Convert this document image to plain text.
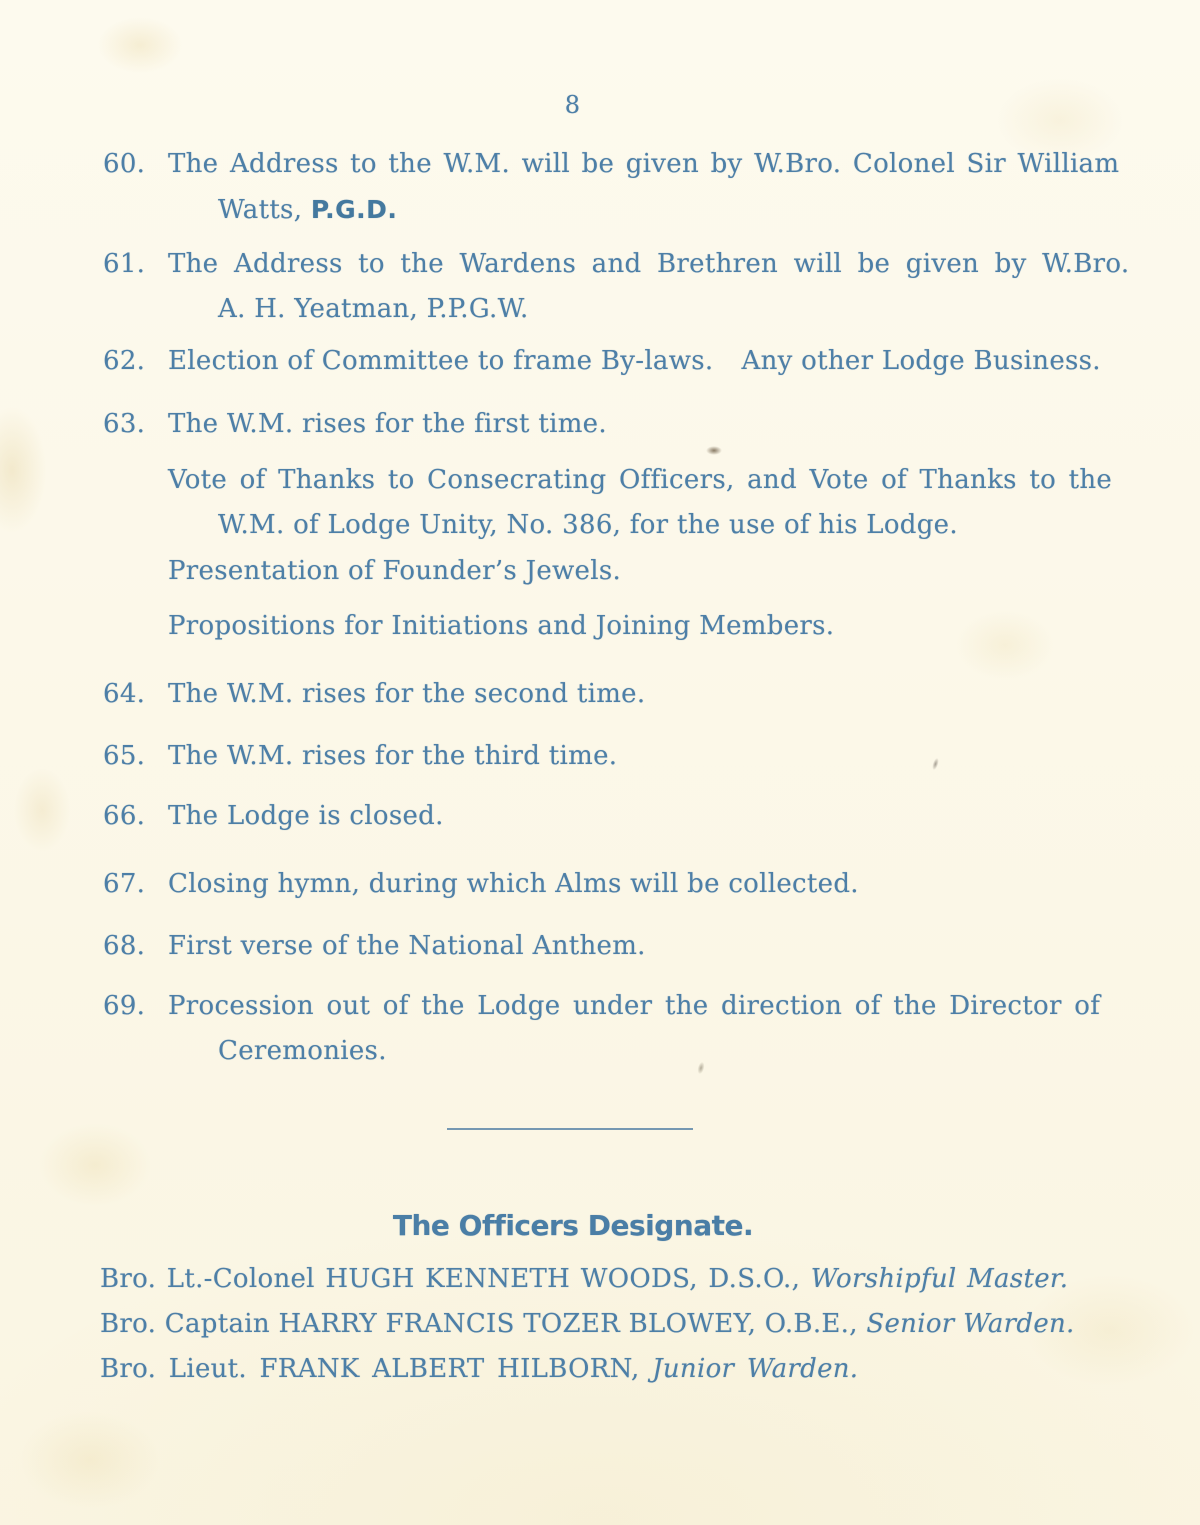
8
60. The Address to the W.M. will be given by W.Bro. Colonel Sir William
Watts, P.G.D.
61. The Address to the Wardens and Brethren will be given by W.Bro.
A. H. Yeatman, P.P.G.W.
62. Election of Committee to frame By-laws. Any other Lodge Business.
63. The W.M. rises for the first time.
Vote of Thanks to Consecrating Officers, and Vote of Thanks to the
W.M. of Lodge Unity, No. 386, for the use of his Lodge.
Presentation of Founder’s Jewels.
Propositions for Initiations and Joining Members.
64. The W.M. rises for the second time.
65. The W.M. rises for the third time.
66. The Lodge is closed.
67. Closing hymn, during which Alms will be collected.
68. First verse of the National Anthem.
69. Procession out of the Lodge under the direction of the Director of
Ceremonies.
The Officers Designate.
Bro. Lt.-Colonel HUGH KENNETH WOODS, D.S.O., Worshipful Master.
Bro. Captain HARRY FRANCIS TOZER BLOWEY, O.B.E., Senior Warden.
Bro. Lieut. FRANK ALBERT HILBORN, Junior Warden.
